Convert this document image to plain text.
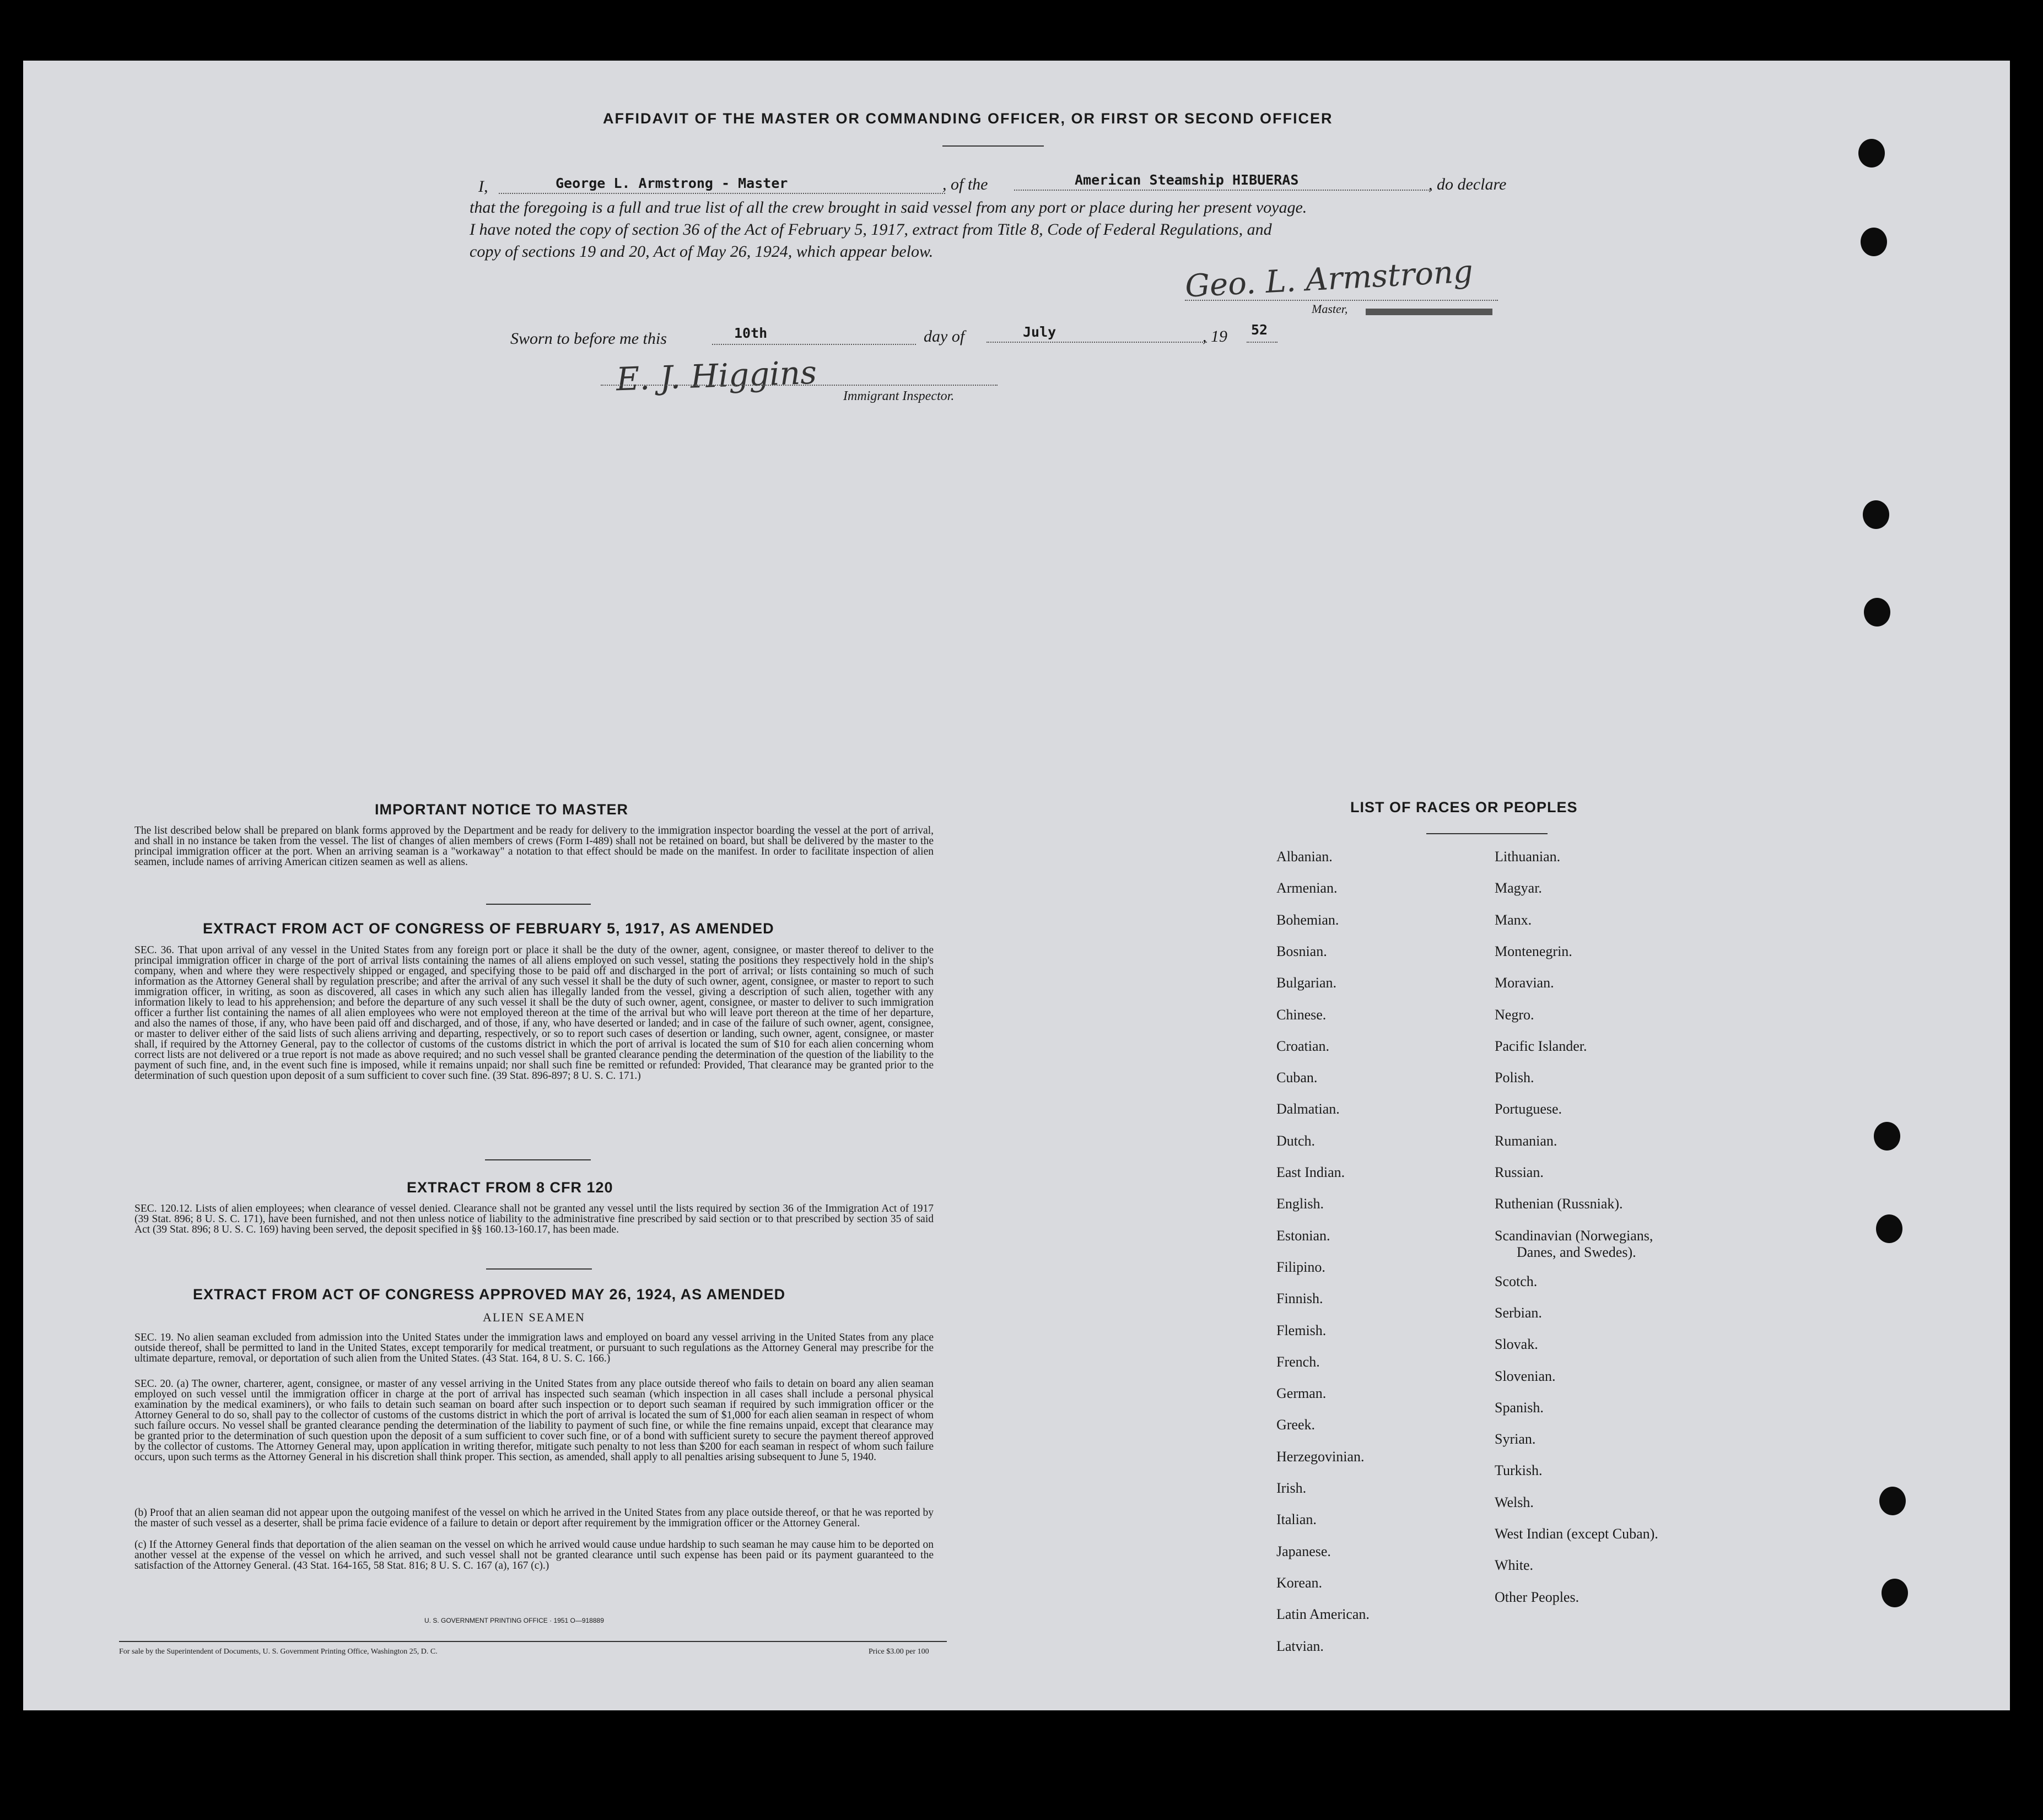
AFFIDAVIT OF THE MASTER OR COMMANDING OFFICER, OR FIRST OR SECOND OFFICER
I,	George L. Armstrong - Master	, of the	American Steamship HIBUERAS	, do declare
that the foregoing is a full and true list of all the crew brought in said vessel from any port or place during her present voyage.
I have noted the copy of section 36 of the Act of February 5, 1917, extract from Title 8, Code of Federal Regulations, and
copy of sections 19 and 20, Act of May 26, 1924, which appear below.
Geo. L. Armstrong
Master,
Sworn to before me this	10th	day of	July	, 19 52
E. J. Higgins Immigrant Inspector.
IMPORTANT NOTICE TO MASTER
The list described below shall be prepared on blank forms approved by the Department and be ready for delivery to the immigration inspector boarding the vessel at the port of arrival, and shall in no instance be taken from the vessel. The list of changes of alien members of crews (Form I-489) shall not be retained on board, but shall be delivered by the master to the principal immigration officer at the port. When an arriving seaman is a "workaway" a notation to that effect should be made on the manifest. In order to facilitate inspection of alien seamen, include names of arriving American citizen seamen as well as aliens.
EXTRACT FROM ACT OF CONGRESS OF FEBRUARY 5, 1917, AS AMENDED
SEC. 36. That upon arrival of any vessel in the United States from any foreign port or place it shall be the duty of the owner, agent, consignee, or master thereof to deliver to the principal immigration officer in charge of the port of arrival lists containing the names of all aliens employed on such vessel, stating the positions they respectively hold in the ship's company, when and where they were respectively shipped or engaged, and specifying those to be paid off and discharged in the port of arrival; or lists containing so much of such information as the Attorney General shall by regulation prescribe; and after the arrival of any such vessel it shall be the duty of such owner, agent, consignee, or master to report to such immigration officer, in writing, as soon as discovered, all cases in which any such alien has illegally landed from the vessel, giving a description of such alien, together with any information likely to lead to his apprehension; and before the departure of any such vessel it shall be the duty of such owner, agent, consignee, or master to deliver to such immigration officer a further list containing the names of all alien employees who were not employed thereon at the time of the arrival but who will leave port thereon at the time of her departure, and also the names of those, if any, who have been paid off and discharged, and of those, if any, who have deserted or landed; and in case of the failure of such owner, agent, consignee, or master to deliver either of the said lists of such aliens arriving and departing, respectively, or so to report such cases of desertion or landing, such owner, agent, consignee, or master shall, if required by the Attorney General, pay to the collector of customs of the customs district in which the port of arrival is located the sum of $10 for each alien concerning whom correct lists are not delivered or a true report is not made as above required; and no such vessel shall be granted clearance pending the determination of the question of the liability to the payment of such fine, and, in the event such fine is imposed, while it remains unpaid; nor shall such fine be remitted or refunded: Provided, That clearance may be granted prior to the determination of such question upon deposit of a sum sufficient to cover such fine. (39 Stat. 896-897; 8 U. S. C. 171.)
EXTRACT FROM 8 CFR 120
SEC. 120.12. Lists of alien employees; when clearance of vessel denied. Clearance shall not be granted any vessel until the lists required by section 36 of the Immigration Act of 1917 (39 Stat. 896; 8 U. S. C. 171), have been furnished, and not then unless notice of liability to the administrative fine prescribed by said section or to that prescribed by section 35 of said Act (39 Stat. 896; 8 U. S. C. 169) having been served, the deposit specified in §§ 160.13-160.17, has been made.
EXTRACT FROM ACT OF CONGRESS APPROVED MAY 26, 1924, AS AMENDED
ALIEN SEAMEN
SEC. 19. No alien seaman excluded from admission into the United States under the immigration laws and employed on board any vessel arriving in the United States from any place outside thereof, shall be permitted to land in the United States, except temporarily for medical treatment, or pursuant to such regulations as the Attorney General may prescribe for the ultimate departure, removal, or deportation of such alien from the United States. (43 Stat. 164, 8 U. S. C. 166.)
SEC. 20. (a) The owner, charterer, agent, consignee, or master of any vessel arriving in the United States from any place outside thereof who fails to detain on board any alien seaman employed on such vessel until the immigration officer in charge at the port of arrival has inspected such seaman (which inspection in all cases shall include a personal physical examination by the medical examiners), or who fails to detain such seaman on board after such inspection or to deport such seaman if required by such immigration officer or the Attorney General to do so, shall pay to the collector of customs of the customs district in which the port of arrival is located the sum of $1,000 for each alien seaman in respect of whom such failure occurs. No vessel shall be granted clearance pending the determination of the liability to payment of such fine, or while the fine remains unpaid, except that clearance may be granted prior to the determination of such question upon the deposit of a sum sufficient to cover such fine, or of a bond with sufficient surety to secure the payment thereof approved by the collector of customs. The Attorney General may, upon application in writing therefor, mitigate such penalty to not less than $200 for each seaman in respect of whom such failure occurs, upon such terms as the Attorney General in his discretion shall think proper. This section, as amended, shall apply to all penalties arising subsequent to June 5, 1940.
(b) Proof that an alien seaman did not appear upon the outgoing manifest of the vessel on which he arrived in the United States from any place outside thereof, or that he was reported by the master of such vessel as a deserter, shall be prima facie evidence of a failure to detain or deport after requirement by the immigration officer or the Attorney General.
(c) If the Attorney General finds that deportation of the alien seaman on the vessel on which he arrived would cause undue hardship to such seaman he may cause him to be deported on another vessel at the expense of the vessel on which he arrived, and such vessel shall not be granted clearance until such expense has been paid or its payment guaranteed to the satisfaction of the Attorney General. (43 Stat. 164-165, 58 Stat. 816; 8 U. S. C. 167 (a), 167 (c).)
U. S. GOVERNMENT PRINTING OFFICE · 1951 O—918889
For sale by the Superintendent of Documents, U. S. Government Printing Office, Washington 25, D. C.	Price $3.00 per 100
LIST OF RACES OR PEOPLES
Albanian.
Armenian.
Bohemian.
Bosnian.
Bulgarian.
Chinese.
Croatian.
Cuban.
Dalmatian.
Dutch.
East Indian.
English.
Estonian.
Filipino.
Finnish.
Flemish.
French.
German.
Greek.
Herzegovinian.
Irish.
Italian.
Japanese.
Korean.
Latin American.
Latvian.
Lithuanian.
Magyar.
Manx.
Montenegrin.
Moravian.
Negro.
Pacific Islander.
Polish.
Portuguese.
Rumanian.
Russian.
Ruthenian (Russniak).
Scandinavian (Norwegians,
Danes, and Swedes).
Scotch.
Serbian.
Slovak.
Slovenian.
Spanish.
Syrian.
Turkish.
Welsh.
West Indian (except Cuban).
White.
Other Peoples.
